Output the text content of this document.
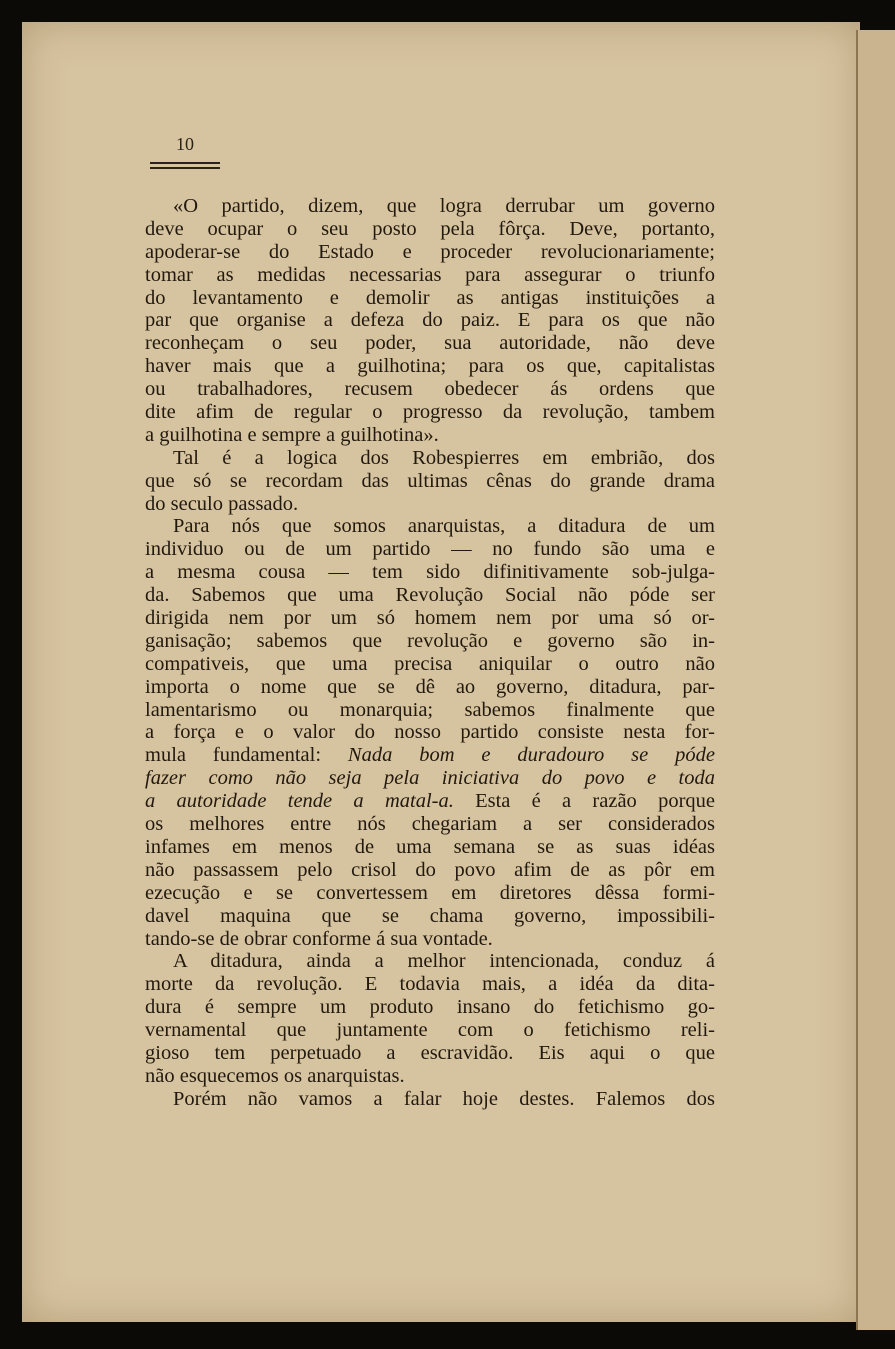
10
«O partido, dizem, que logra derrubar um governo
deve ocupar o seu posto pela fôrça. Deve, portanto,
apoderar-se do Estado e proceder revolucionariamente;
tomar as medidas necessarias para assegurar o triunfo
do levantamento e demolir as antigas instituições a
par que organise a defeza do paiz. E para os que não
reconheçam o seu poder, sua autoridade, não deve
haver mais que a guilhotina; para os que, capitalistas
ou trabalhadores, recusem obedecer ás ordens que
dite afim de regular o progresso da revolução, tambem
a guilhotina e sempre a guilhotina».
Tal é a logica dos Robespierres em embrião, dos
que só se recordam das ultimas cênas do grande drama
do seculo passado.
Para nós que somos anarquistas, a ditadura de um
individuo ou de um partido — no fundo são uma e
a mesma cousa — tem sido difinitivamente sob-julga-
da. Sabemos que uma Revolução Social não póde ser
dirigida nem por um só homem nem por uma só or-
ganisação; sabemos que revolução e governo são in-
compativeis, que uma precisa aniquilar o outro não
importa o nome que se dê ao governo, ditadura, par-
lamentarismo ou monarquia; sabemos finalmente que
a força e o valor do nosso partido consiste nesta for-
mula fundamental: Nada bom e duradouro se póde
fazer como não seja pela iniciativa do povo e toda
a autoridade tende a matal-a. Esta é a razão porque
os melhores entre nós chegariam a ser considerados
infames em menos de uma semana se as suas idéas
não passassem pelo crisol do povo afim de as pôr em
ezecução e se convertessem em diretores dêssa formi-
davel maquina que se chama governo, impossibili-
tando-se de obrar conforme á sua vontade.
A ditadura, ainda a melhor intencionada, conduz á
morte da revolução. E todavia mais, a idéa da dita-
dura é sempre um produto insano do fetichismo go-
vernamental que juntamente com o fetichismo reli-
gioso tem perpetuado a escravidão. Eis aqui o que
não esquecemos os anarquistas.
Porém não vamos a falar hoje destes. Falemos dos
